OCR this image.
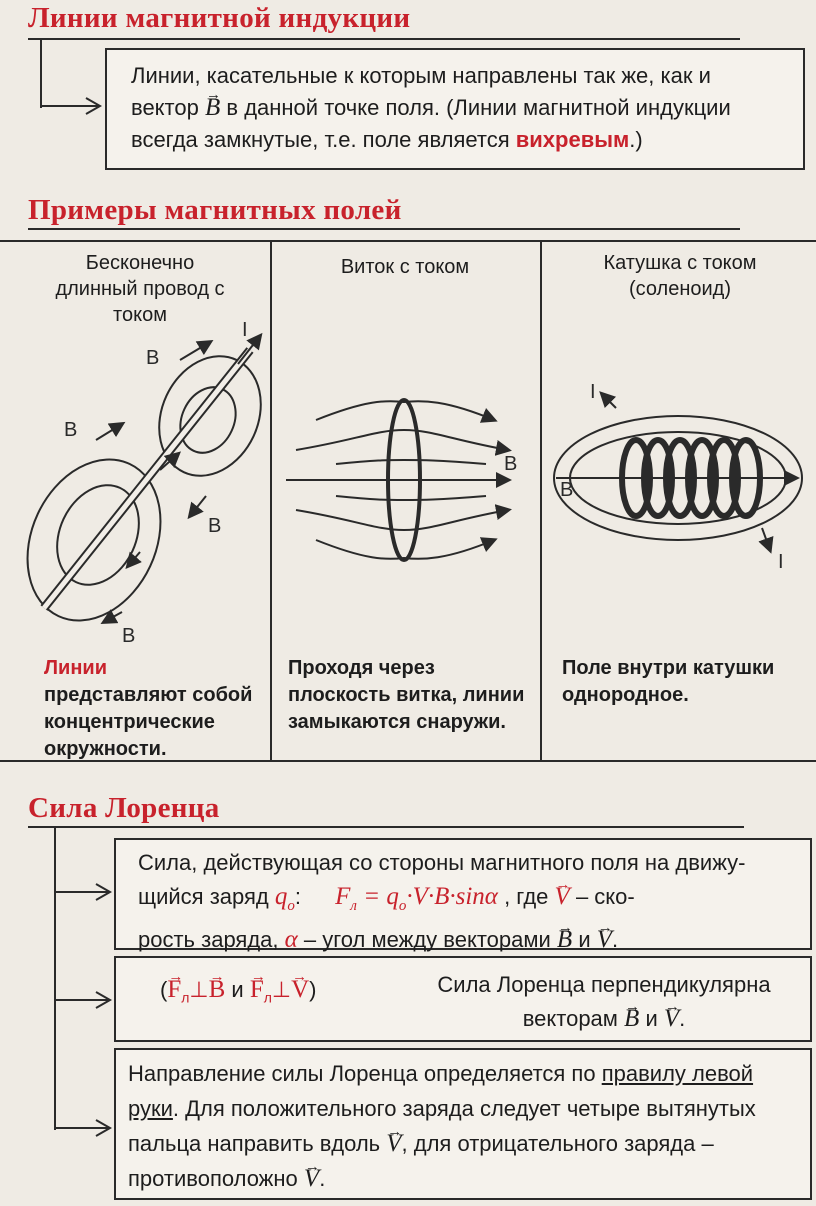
Линии магнитной индукции
Линии, касательные к которым направлены так же, как и
вектор → B в данной точке поля. (Линии магнитной индукции
всегда замкнутые, т.е. поле является вихревым.)
Примеры магнитных полей
Бесконечно
длинный провод с
током
Виток с током	Катушка с током
(соленоид)
I
B
B
B
B
B
I
B
I
Линии
представляют собой
концентрические
окружности.
Проходя через
плоскость витка, линии
замыкаются снаружи.
Поле внутри катушки
однородное.
Сила Лоренца
Сила, действующая со стороны магнитного поля на движу-
щийся заряд $q_o$: $F_л = q_o\cdot V\cdot B\cdot\sin\alpha$ , где → V – ско-
рость заряда, α – угол между векторами → B и → V.
(→ $F_л\perp\to B$ $и \to F_л\perp\to V$)	Сила Лоренца перпендикулярна
векторам → B и → V.
Направление силы Лоренца определяется по правилу левой
руки. Для положительного заряда следует четыре вытянутых
пальца направить вдоль → V, для отрицательного заряда –
противоположно → V.
